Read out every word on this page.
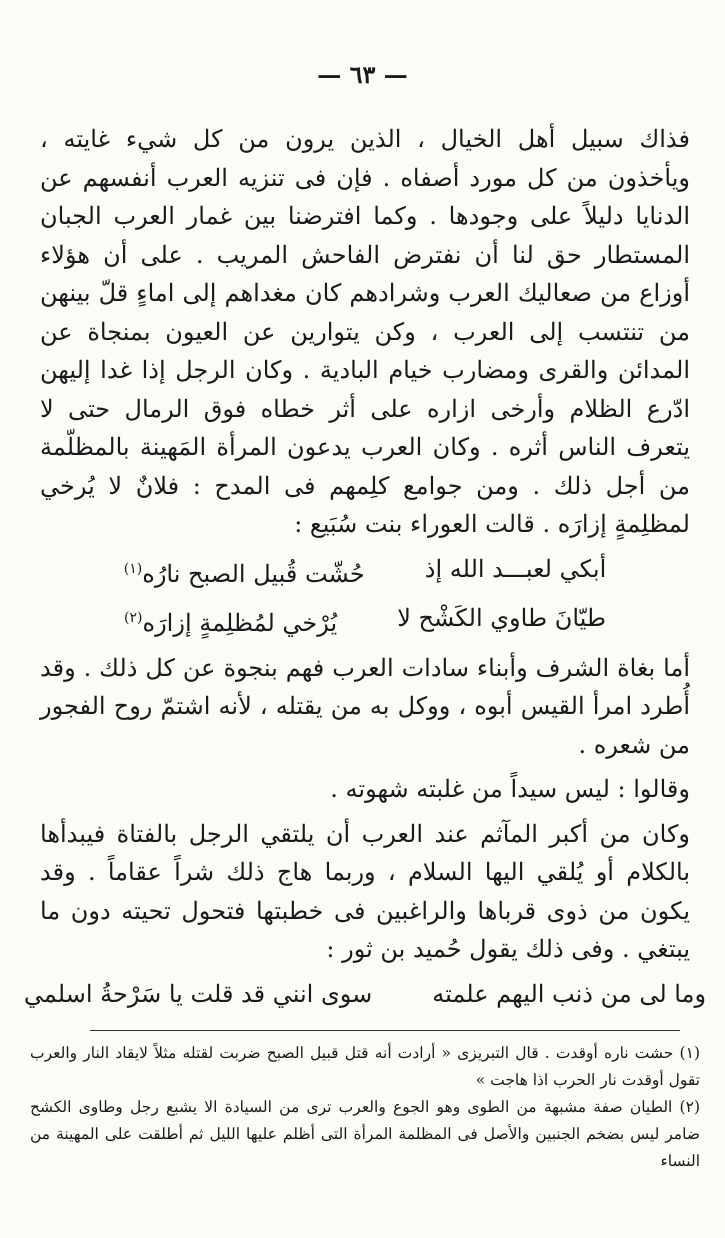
— ٦٣ —

فذاك سبيل أهل الخيال ، الذين يرون من كل شيء غايته ، ويأخذون من كل مورد أصفاه . فإن فى تنزيه العرب أنفسهم عن الدنايا دليلاً على وجودها . وكما افترضنا بين غمار العرب الجبان المستطار حق لنا أن نفترض الفاحش المريب . على أن هؤلاء أوزاع من صعاليك العرب وشرادهم كان مغداهم إلى اماءٍ قلّ بينهن من تنتسب إلى العرب ، وكن يتوارين عن العيون بمنجاة عن المدائن والقرى ومضارب خيام البادية . وكان الرجل إذا غدا إليهن ادّرع الظلام وأرخى ازاره على أثر خطاه فوق الرمال حتى لا يتعرف الناس أثره . وكان العرب يدعون المرأة المَهينة بالمظلّمة من أجل ذلك . ومن جوامع كلِمهم فى المدح : فلانٌ لا يُرخي لمظلِمةٍ إزارَه . قالت العوراء بنت سُبَيع :

أبكي لعبـــد الله إذ
حُشّت قُبيل الصبح نارُه$^{(١)}$
طيّانَ طاوي الكَشْح لا
يُرْخي لمُظلِمةٍ إزارَه$^{(٢)}$

أما بغاة الشرف وأبناء سادات العرب فهم بنجوة عن كل ذلك . وقد أُطرد امرأ القيس أبوه ، ووكل به من يقتله ، لأنه اشتمّ روح الفجور من شعره .

وقالوا : ليس سيداً من غلبته شهوته .

وكان من أكبر المآثم عند العرب أن يلتقي الرجل بالفتاة فيبدأها بالكلام أو يُلقي اليها السلام ، وربما هاج ذلك شراً عقاماً . وقد يكون من ذوى قرباها والراغبين فى خطبتها فتحول تحيته دون ما يبتغي . وفى ذلك يقول حُميد بن ثور :

وما لى من ذنب اليهم علمته
سوى انني قد قلت يا سَرْحةُ اسلمي

(١) حشت ناره أوقدت . قال التبريزى « أرادت أنه قتل قبيل الصبح ضربت لقتله مثلاً لايقاد النار والعرب تقول أوقدت نار الحرب اذا هاجت »

(٢) الطيان صفة مشبهة من الطوى وهو الجوع والعرب ترى من السيادة الا يشبع رجل وطاوى الكشح ضامر ليس بضخم الجنبين والأصل فى المظلمة المرأة التى أظلم عليها الليل ثم أطلقت على المهينة من النساء
